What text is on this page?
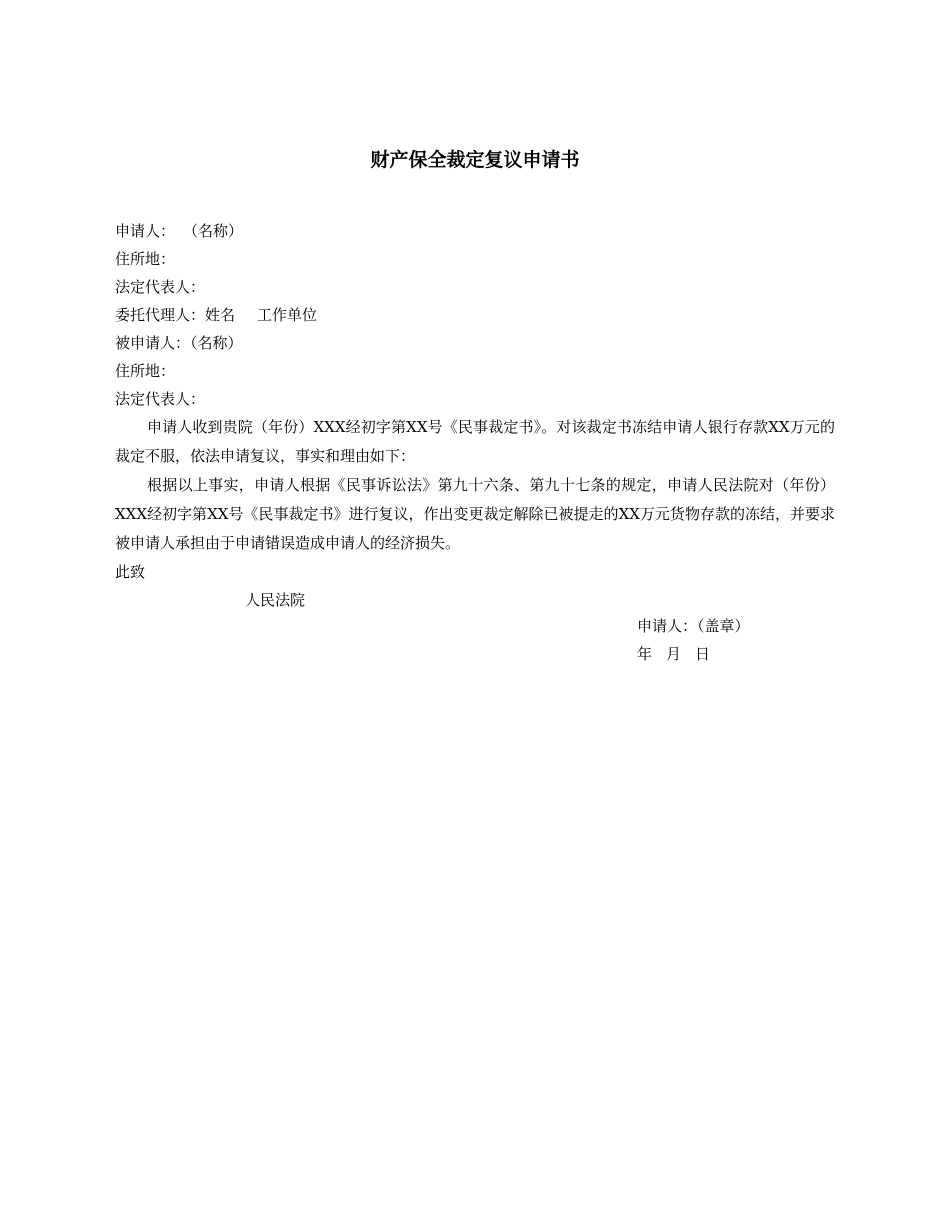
财产保全裁定复议申请书
申请人： （名称）
住所地：
法定代表人：
委托代理人：姓名 工作单位
被申请人：（名称）
住所地：
法定代表人：
申请人收到贵院（年份）XXX经初字第XX号《民事裁定书》。对该裁定书冻结申请人银行存款XX万元的裁定不服，依法申请复议，事实和理由如下：
根据以上事实，申请人根据《民事诉讼法》第九十六条、第九十七条的规定，申请人民法院对（年份）XXX经初字第XX号《民事裁定书》进行复议，作出变更裁定解除已被提走的XX万元货物存款的冻结，并要求被申请人承担由于申请错误造成申请人的经济损失。
此致
人民法院
申请人：（盖章）
年 月 日
